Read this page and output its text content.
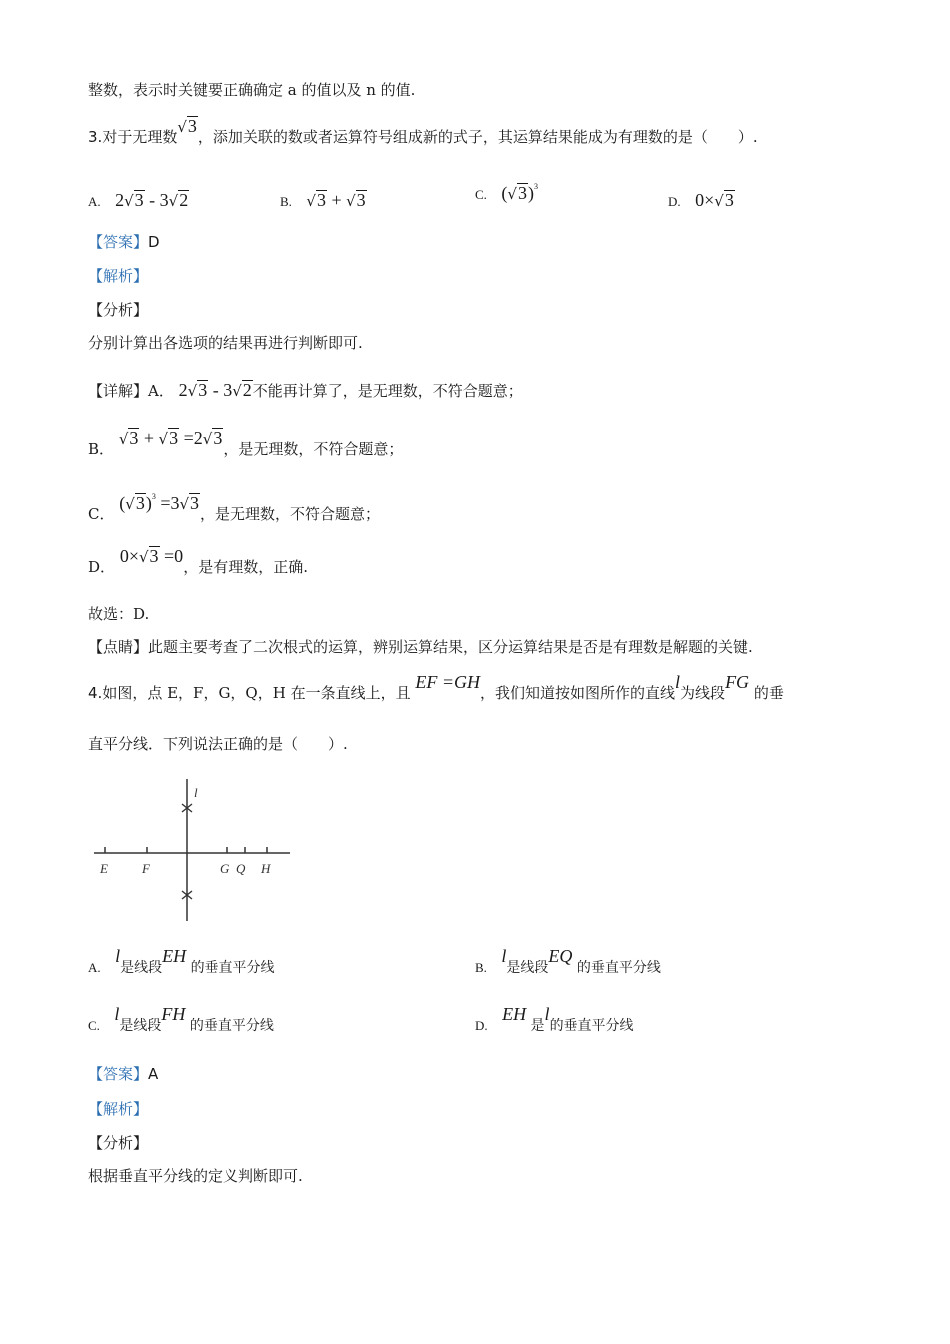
整数，表示时关键要正确确定 a 的值以及 n 的值.
3.对于无理数√3，添加关联的数或者运算符号组成新的式子，其运算结果能成为有理数的是（　　）.
A. 2√3 - 3√2	B. √3 + √3	C. $(√3)^3$
D. 0×√3
【答案】D
【解析】
【分析】
分别计算出各选项的结果再进行判断即可.
【详解】A． 2√3 - 3√2不能再计算了，是无理数，不符合题意；
B． √3 + √3 =2√3，是无理数，不符合题意；
C． $(√3)^3 =3√3$，是无理数，不符合题意；
D． 0×√3 =0，是有理数，正确.
故选：D.
【点睛】此题主要考查了二次根式的运算，辨别运算结果，区分运算结果是否是有理数是解题的关键.
4.如图，点 E，F，G，Q，H 在一条直线上，且 EF =GH，我们知道按如图所作的直线l为线段FG 的垂
直平分线．下列说法正确的是（　　）.
l
E	F	G Q H
A. l是线段EH 的垂直平分线	B. l是线段EQ 的垂直平分线
C. l是线段FH 的垂直平分线	D. EH 是l的垂直平分线
【答案】A
【解析】
【分析】
根据垂直平分线的定义判断即可.
